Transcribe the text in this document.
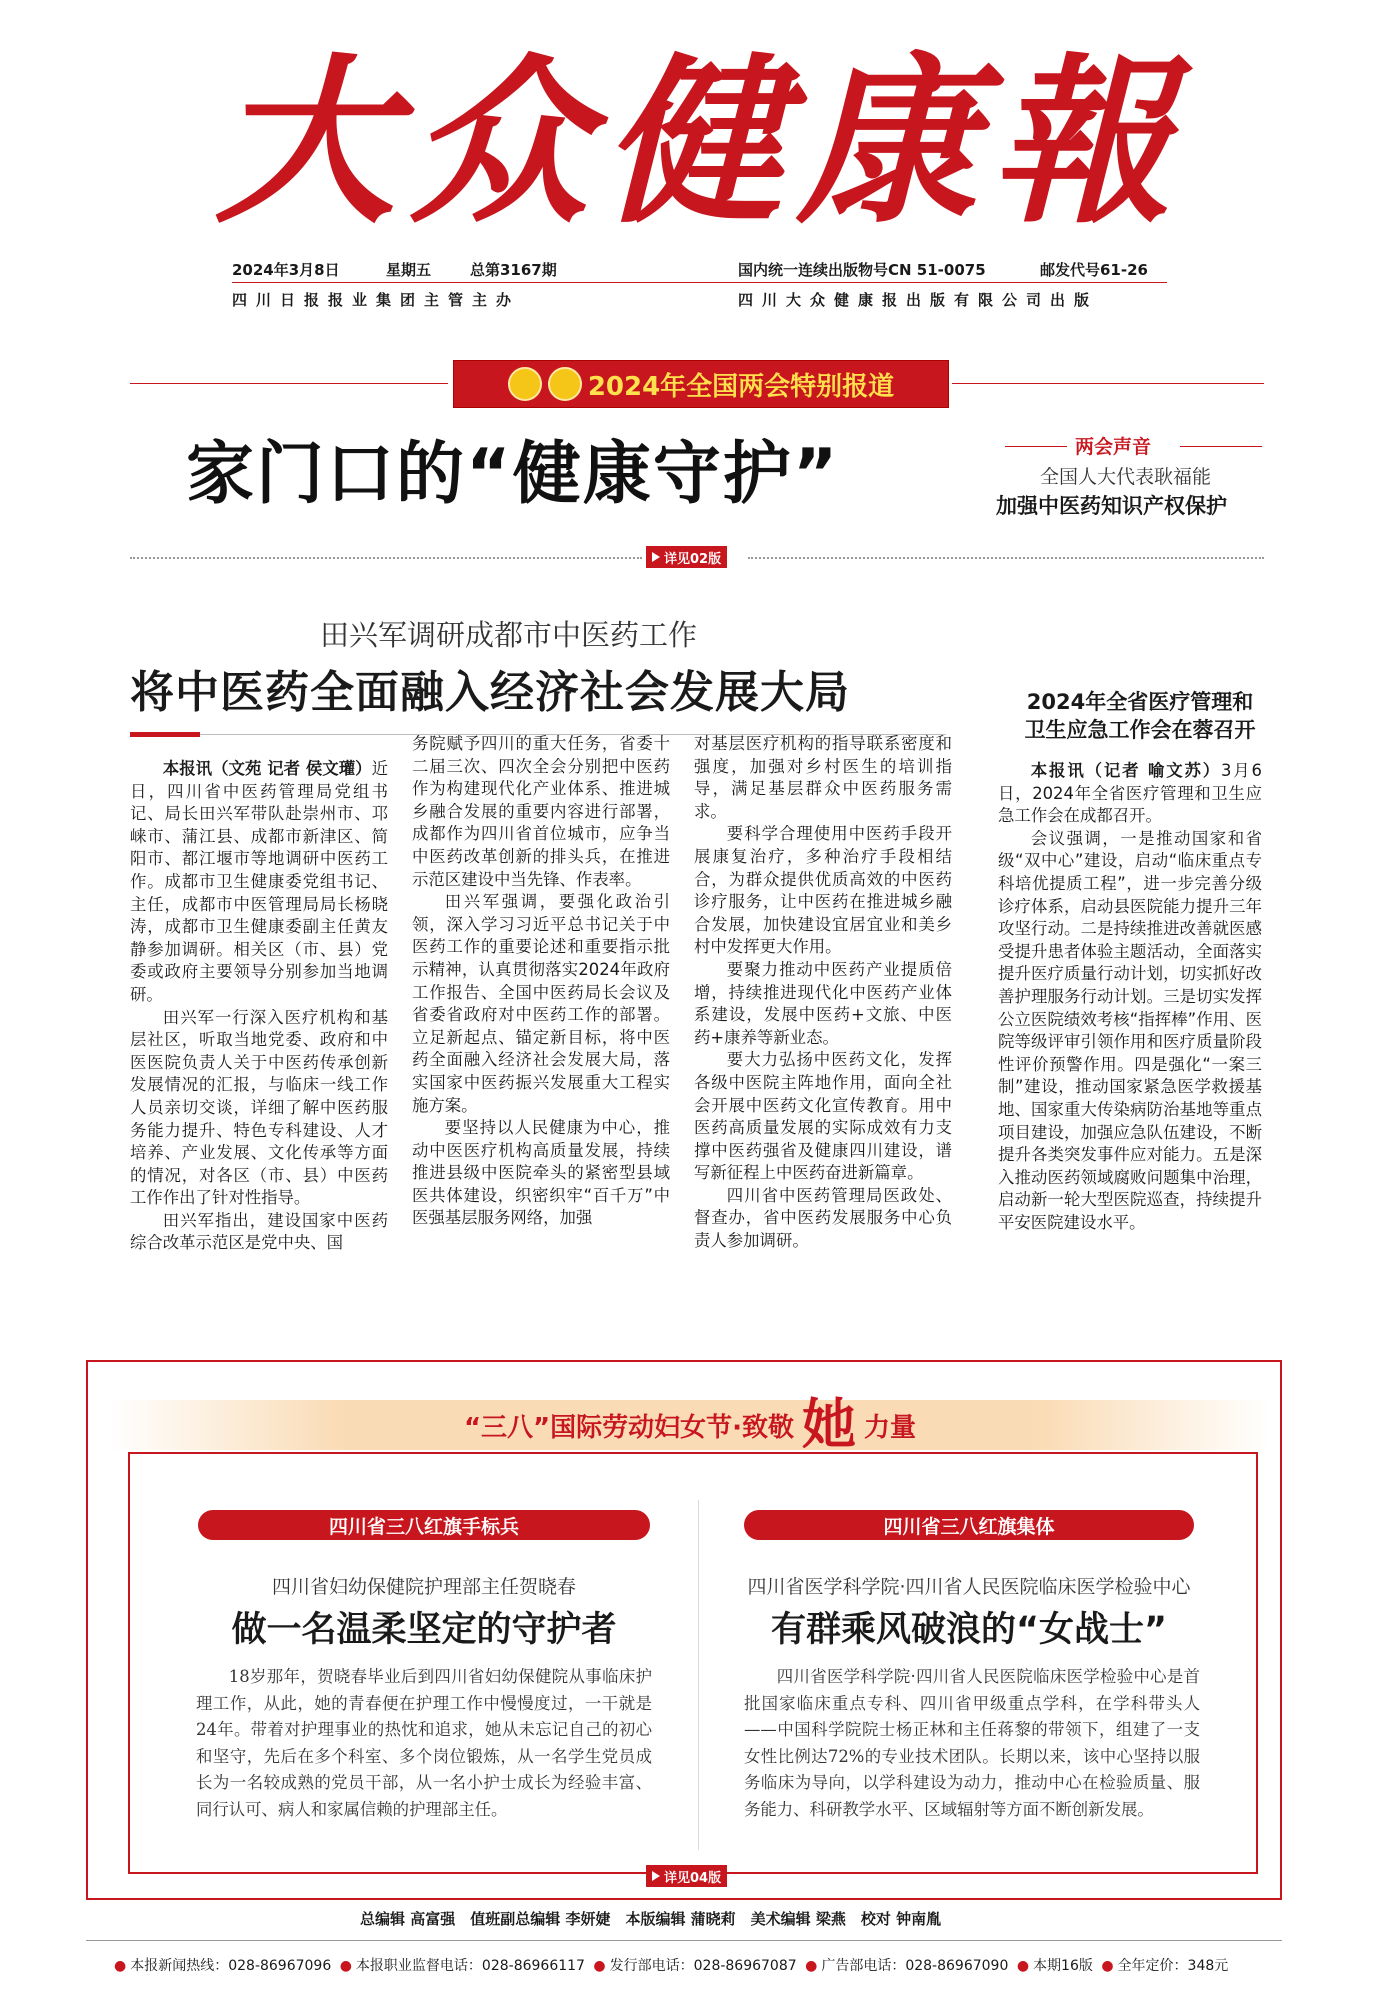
大众健康報
2024年3月8日	星期五	总第3167期	国内统一连续出版物号CN 51-0075	邮发代号61-26
四川日报报业集团主管主办	四川大众健康报出版有限公司出版
2024年全国两会特别报道
家门口的“健康守护”	两会声音
全国人大代表耿福能
加强中医药知识产权保护
详见02版
田兴军调研成都市中医药工作
将中医药全面融入经济社会发展大局

本报讯（文苑 记者 侯文瓘）近日，四川省中医药管理局党组书记、局长田兴军带队赴崇州市、邛崃市、蒲江县、成都市新津区、简阳市、都江堰市等地调研中医药工作。成都市卫生健康委党组书记、主任，成都市中医管理局局长杨晓涛，成都市卫生健康委副主任黄友静参加调研。相关区（市、县）党委或政府主要领导分别参加当地调研。

田兴军一行深入医疗机构和基层社区，听取当地党委、政府和中医医院负责人关于中医药传承创新发展情况的汇报，与临床一线工作人员亲切交谈，详细了解中医药服务能力提升、特色专科建设、人才培养、产业发展、文化传承等方面的情况，对各区（市、县）中医药工作作出了针对性指导。

田兴军指出，建设国家中医药综合改革示范区是党中央、国

务院赋予四川的重大任务，省委十二届三次、四次全会分别把中医药作为构建现代化产业体系、推进城乡融合发展的重要内容进行部署，成都作为四川省首位城市，应争当中医药改革创新的排头兵，在推进示范区建设中当先锋、作表率。

田兴军强调，要强化政治引领，深入学习习近平总书记关于中医药工作的重要论述和重要指示批示精神，认真贯彻落实2024年政府工作报告、全国中医药局长会议及省委省政府对中医药工作的部署。立足新起点、锚定新目标，将中医药全面融入经济社会发展大局，落实国家中医药振兴发展重大工程实施方案。

要坚持以人民健康为中心，推动中医医疗机构高质量发展，持续推进县级中医院牵头的紧密型县域医共体建设，织密织牢“百千万”中医强基层服务网络，加强

对基层医疗机构的指导联系密度和强度，加强对乡村医生的培训指导，满足基层群众中医药服务需求。

要科学合理使用中医药手段开展康复治疗，多种治疗手段相结合，为群众提供优质高效的中医药诊疗服务，让中医药在推进城乡融合发展，加快建设宜居宜业和美乡村中发挥更大作用。

要聚力推动中医药产业提质倍增，持续推进现代化中医药产业体系建设，发展中医药+文旅、中医药+康养等新业态。

要大力弘扬中医药文化，发挥各级中医院主阵地作用，面向全社会开展中医药文化宣传教育。用中医药高质量发展的实际成效有力支撑中医药强省及健康四川建设，谱写新征程上中医药奋进新篇章。

四川省中医药管理局医政处、督查办，省中医药发展服务中心负责人参加调研。

2024年全省医疗管理和
卫生应急工作会在蓉召开

本报讯（记者 喻文苏）3月6日，2024年全省医疗管理和卫生应急工作会在成都召开。

会议强调，一是推动国家和省级“双中心”建设，启动“临床重点专科培优提质工程”，进一步完善分级诊疗体系，启动县医院能力提升三年攻坚行动。二是持续推进改善就医感受提升患者体验主题活动，全面落实提升医疗质量行动计划，切实抓好改善护理服务行动计划。三是切实发挥公立医院绩效考核“指挥棒”作用、医院等级评审引领作用和医疗质量阶段性评价预警作用。四是强化“一案三制”建设，推动国家紧急医学救援基地、国家重大传染病防治基地等重点项目建设，加强应急队伍建设，不断提升各类突发事件应对能力。五是深入推动医药领域腐败问题集中治理，启动新一轮大型医院巡查，持续提升平安医院建设水平。

“三八”国际劳动妇女节·致敬 她 力量
四川省三八红旗手标兵
四川省妇幼保健院护理部主任贺晓春
做一名温柔坚定的守护者

18岁那年，贺晓春毕业后到四川省妇幼保健院从事临床护理工作，从此，她的青春便在护理工作中慢慢度过，一干就是24年。带着对护理事业的热忱和追求，她从未忘记自己的初心和坚守，先后在多个科室、多个岗位锻炼，从一名学生党员成长为一名较成熟的党员干部，从一名小护士成长为经验丰富、同行认可、病人和家属信赖的护理部主任。

四川省三八红旗集体
四川省医学科学院·四川省人民医院临床医学检验中心
有群乘风破浪的“女战士”

四川省医学科学院·四川省人民医院临床医学检验中心是首批国家临床重点专科、四川省甲级重点学科，在学科带头人——中国科学院院士杨正林和主任蒋黎的带领下，组建了一支女性比例达72%的专业技术团队。长期以来，该中心坚持以服务临床为导向，以学科建设为动力，推动中心在检验质量、服务能力、科研教学水平、区域辐射等方面不断创新发展。

详见04版
总编辑 高富强　值班副总编辑 李妍婕　本版编辑 蒲晓莉　美术编辑 梁燕　校对 钟南胤
● 本报新闻热线：028-86967096 ● 本报职业监督电话：028-86966117 ● 发行部电话：028-86967087 ● 广告部电话：028-86967090 ● 本期16版 ● 全年定价：348元
